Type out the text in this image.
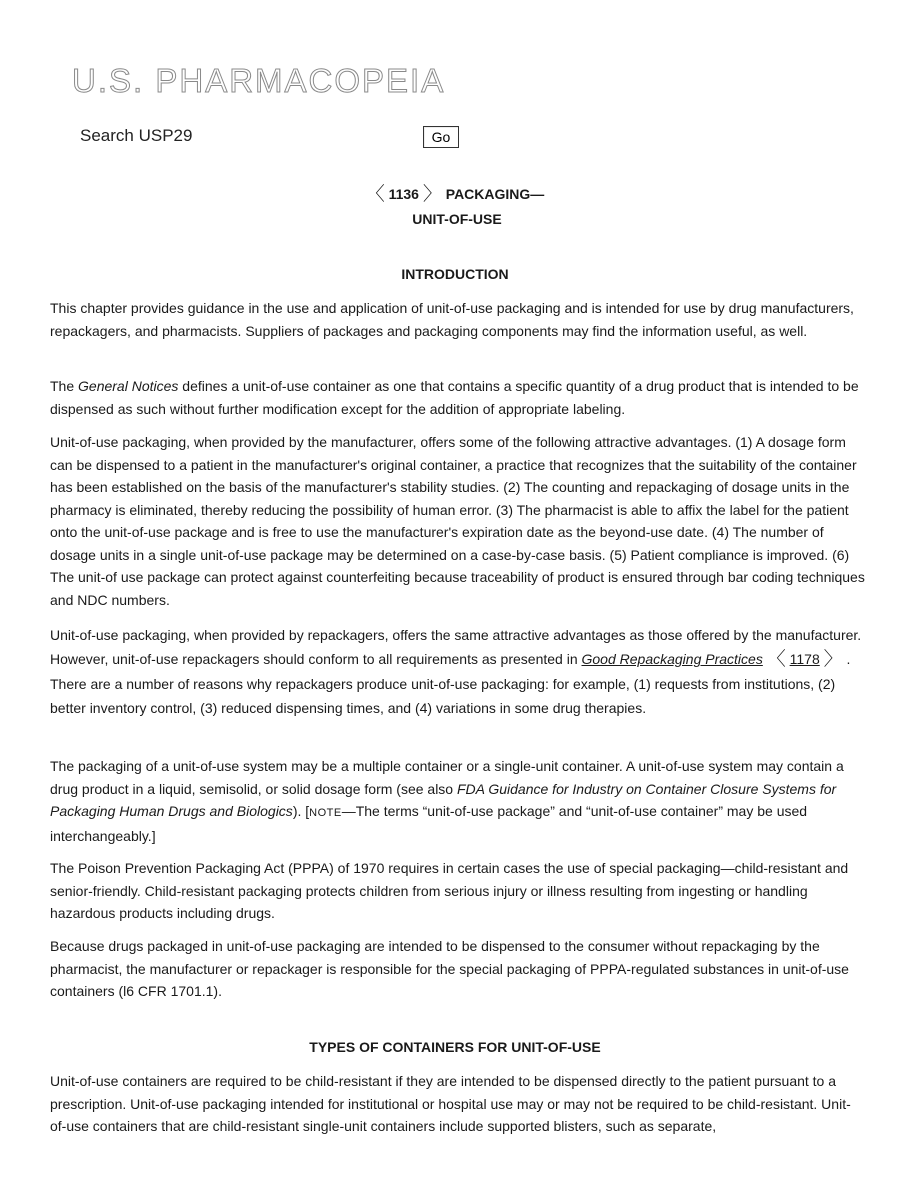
U.S. PHARMACOPEIA
Search USP29	Go
〈 1136 〉 PACKAGING—
UNIT-OF-USE
INTRODUCTION

This chapter provides guidance in the use and application of unit-of-use packaging and is intended for use by drug manufacturers, repackagers, and pharmacists. Suppliers of packages and packaging components may find the information useful, as well.

The General Notices defines a unit-of-use container as one that contains a specific quantity of a drug product that is intended to be dispensed as such without further modification except for the addition of appropriate labeling.

Unit-of-use packaging, when provided by the manufacturer, offers some of the following attractive advantages. (1) A dosage form can be dispensed to a patient in the manufacturer's original container, a practice that recognizes that the suitability of the container has been established on the basis of the manufacturer's stability studies. (2) The counting and repackaging of dosage units in the pharmacy is eliminated, thereby reducing the possibility of human error. (3) The pharmacist is able to affix the label for the patient onto the unit-of-use package and is free to use the manufacturer's expiration date as the beyond-use date. (4) The number of dosage units in a single unit-of-use package may be determined on a case-by-case basis. (5) Patient compliance is improved. (6) The unit-of use package can protect against counterfeiting because traceability of product is ensured through bar coding techniques and NDC numbers.

Unit-of-use packaging, when provided by repackagers, offers the same attractive advantages as those offered by the manufacturer. However, unit-of-use repackagers should conform to all requirements as presented in Good Repackaging Practices 〈 1178 〉 . There are a number of reasons why repackagers produce unit-of-use packaging: for example, (1) requests from institutions, (2) better inventory control, (3) reduced dispensing times, and (4) variations in some drug therapies.

The packaging of a unit-of-use system may be a multiple container or a single-unit container. A unit-of-use system may contain a drug product in a liquid, semisolid, or solid dosage form (see also FDA Guidance for Industry on Container Closure Systems for Packaging Human Drugs and Biologics). [NOTE—The terms “unit-of-use package” and “unit-of-use container” may be used interchangeably.]

The Poison Prevention Packaging Act (PPPA) of 1970 requires in certain cases the use of special packaging—child-resistant and senior-friendly. Child-resistant packaging protects children from serious injury or illness resulting from ingesting or handling hazardous products including drugs.

Because drugs packaged in unit-of-use packaging are intended to be dispensed to the consumer without repackaging by the pharmacist, the manufacturer or repackager is responsible for the special packaging of PPPA-regulated substances in unit-of-use containers (l6 CFR 1701.1).

TYPES OF CONTAINERS FOR UNIT-OF-USE

Unit-of-use containers are required to be child-resistant if they are intended to be dispensed directly to the patient pursuant to a prescription. Unit-of-use packaging intended for institutional or hospital use may or may not be required to be child-resistant. Unit-of-use containers that are child-resistant single-unit containers include supported blisters, such as separate,
